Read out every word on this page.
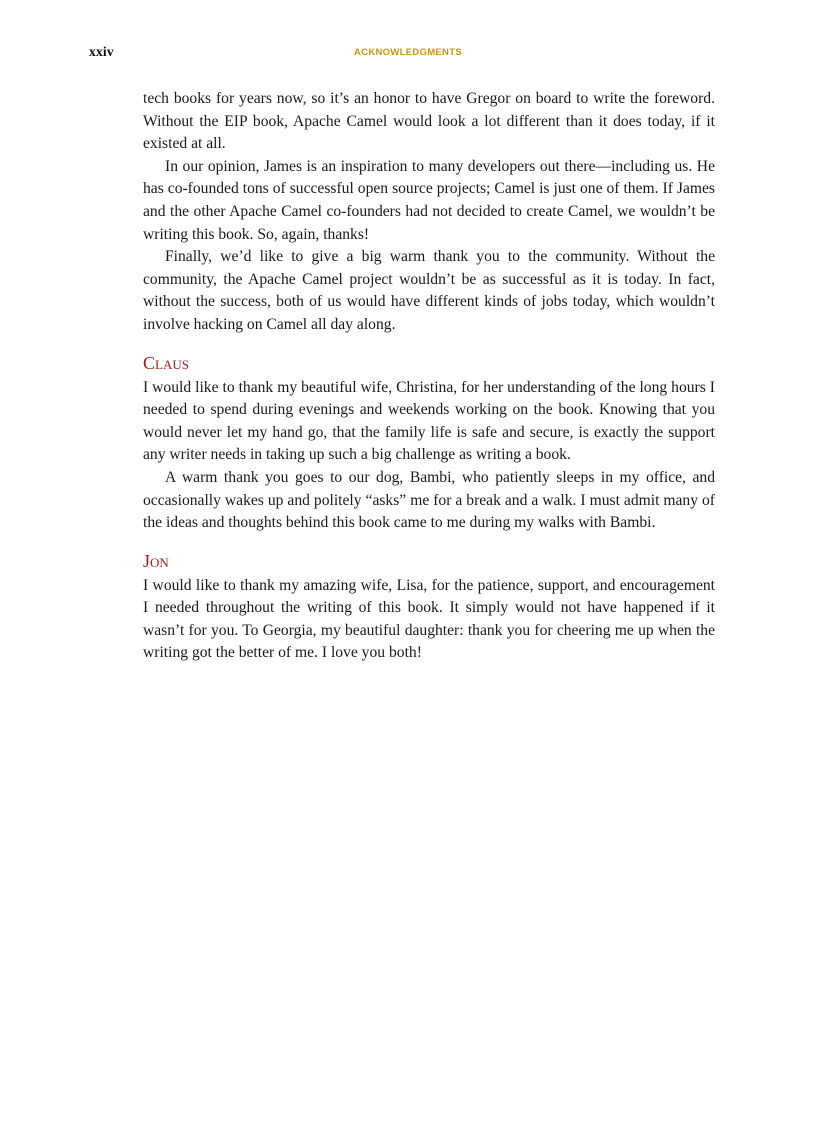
xxiv	ACKNOWLEDGMENTS

tech books for years now, so it’s an honor to have Gregor on board to write the foreword. Without the EIP book, Apache Camel would look a lot different than it does today, if it existed at all.

In our opinion, James is an inspiration to many developers out there—including us. He has co-founded tons of successful open source projects; Camel is just one of them. If James and the other Apache Camel co-founders had not decided to create Camel, we wouldn’t be writing this book. So, again, thanks!

Finally, we’d like to give a big warm thank you to the community. Without the community, the Apache Camel project wouldn’t be as successful as it is today. In fact, without the success, both of us would have different kinds of jobs today, which wouldn’t involve hacking on Camel all day along.

Claus

I would like to thank my beautiful wife, Christina, for her understanding of the long hours I needed to spend during evenings and weekends working on the book. Knowing that you would never let my hand go, that the family life is safe and secure, is exactly the support any writer needs in taking up such a big challenge as writing a book.

A warm thank you goes to our dog, Bambi, who patiently sleeps in my office, and occasionally wakes up and politely “asks” me for a break and a walk. I must admit many of the ideas and thoughts behind this book came to me during my walks with Bambi.

Jon

I would like to thank my amazing wife, Lisa, for the patience, support, and encouragement I needed throughout the writing of this book. It simply would not have happened if it wasn’t for you. To Georgia, my beautiful daughter: thank you for cheering me up when the writing got the better of me. I love you both!
